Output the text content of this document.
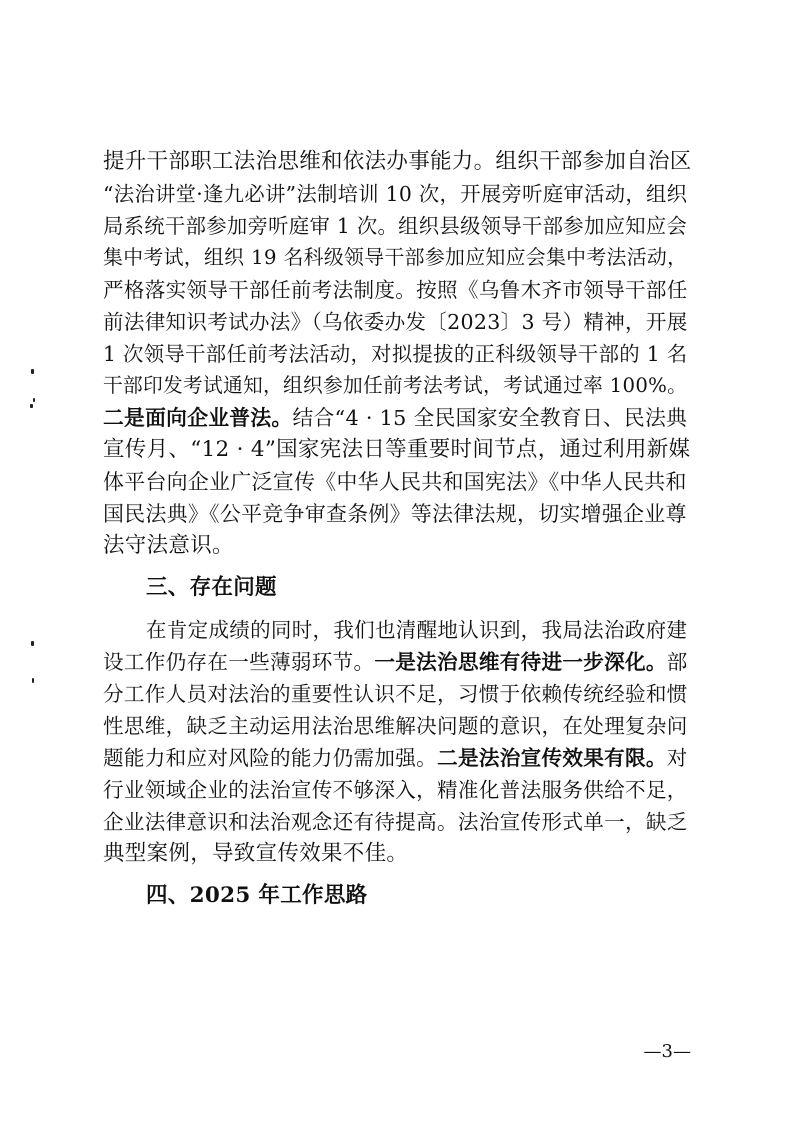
提升干部职工法治思维和依法办事能力。组织干部参加自治区
“法治讲堂·逢九必讲”法制培训 10 次，开展旁听庭审活动，组织
局系统干部参加旁听庭审 1 次。组织县级领导干部参加应知应会
集中考试，组织 19 名科级领导干部参加应知应会集中考法活动，
严格落实领导干部任前考法制度。按照《乌鲁木齐市领导干部任
前法律知识考试办法》（乌依委办发〔2023〕3 号）精神，开展
1 次领导干部任前考法活动，对拟提拔的正科级领导干部的 1 名
干部印发考试通知，组织参加任前考法考试，考试通过率 100%。
二是面向企业普法。结合“4 · 15 全民国家安全教育日、民法典
宣传月、“12 · 4”国家宪法日等重要时间节点，通过利用新媒
体平台向企业广泛宣传《中华人民共和国宪法》《中华人民共和
国民法典》《公平竞争审查条例》等法律法规，切实增强企业尊
法守法意识。
三、存在问题
在肯定成绩的同时，我们也清醒地认识到，我局法治政府建
设工作仍存在一些薄弱环节。一是法治思维有待进一步深化。部
分工作人员对法治的重要性认识不足，习惯于依赖传统经验和惯
性思维，缺乏主动运用法治思维解决问题的意识，在处理复杂问
题能力和应对风险的能力仍需加强。二是法治宣传效果有限。对
行业领域企业的法治宣传不够深入，精准化普法服务供给不足，
企业法律意识和法治观念还有待提高。法治宣传形式单一，缺乏
典型案例，导致宣传效果不佳。
四、2025 年工作思路
—3—
